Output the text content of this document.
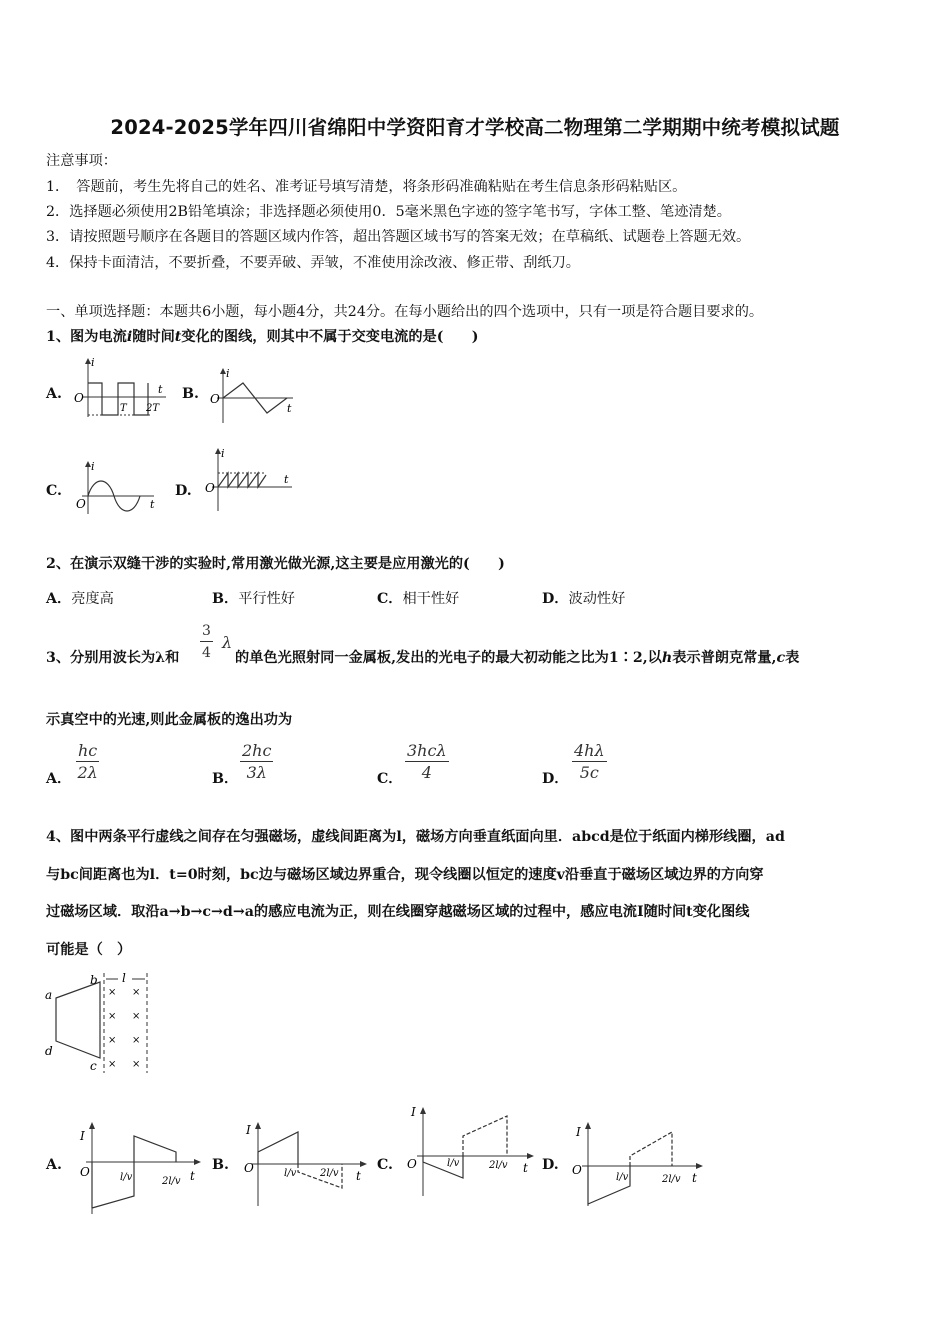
2024-2025学年四川省绵阳中学资阳育才学校高二物理第二学期期中统考模拟试题
注意事项：
1．　答题前，考生先将自己的姓名、准考证号填写清楚，将条形码准确粘贴在考生信息条形码粘贴区。
2．选择题必须使用2B铅笔填涂；非选择题必须使用0．5毫米黑色字迹的签字笔书写，字体工整、笔迹清楚。
3．请按照题号顺序在各题目的答题区域内作答，超出答题区域书写的答案无效；在草稿纸、试题卷上答题无效。
4．保持卡面清洁，不要折叠，不要弄破、弄皱，不准使用涂改液、修正带、刮纸刀。
一、单项选择题：本题共6小题，每小题4分，共24分。在每小题给出的四个选项中，只有一项是符合题目要求的。
1、图为电流i随时间t变化的图线，则其中不属于交变电流的是(　　)
A.	B.
C.	D.
O
i
t
T 2T
O
i
t
O
i
t
O
i
t
2、在演示双缝干涉的实验时,常用激光做光源,这主要是应用激光的(　　)
A．亮度高	B．平行性好	C．相干性好	D．波动性好
3、分别用波长为λ和 $\frac{3}{4}$ λ
的单色光照射同一金属板,发出的光电子的最大初动能之比为1∶2,以h表示普朗克常量,c表
示真空中的光速,则此金属板的逸出功为
A． $\frac{hc}{2\lambda}$	B． $\frac{2hc}{3\lambda}$	C．
3hcλ
4	D． $\frac{4h\lambda}{5c}$
4、图中两条平行虚线之间存在匀强磁场，虚线间距离为l，磁场方向垂直纸面向里．abcd是位于纸面内梯形线圈，ad
与bc间距离也为l．t=0时刻，bc边与磁场区域边界重合，现令线圈以恒定的速度v沿垂直于磁场区域边界的方向穿
过磁场区域．取沿a→b→c→d→a的感应电流为正，则在线圈穿越磁场区域的过程中，感应电流I随时间t变化图线
可能是（　）
a
b
c
d
l
× ×
× ×
× ×
× ×
A.	B.	C.	D.
I
O	t
l/v	2l/v
I
O
t
l/v 2l/v
I
O	t
l/v	2l/v
I
O
t
l/v	2l/v
